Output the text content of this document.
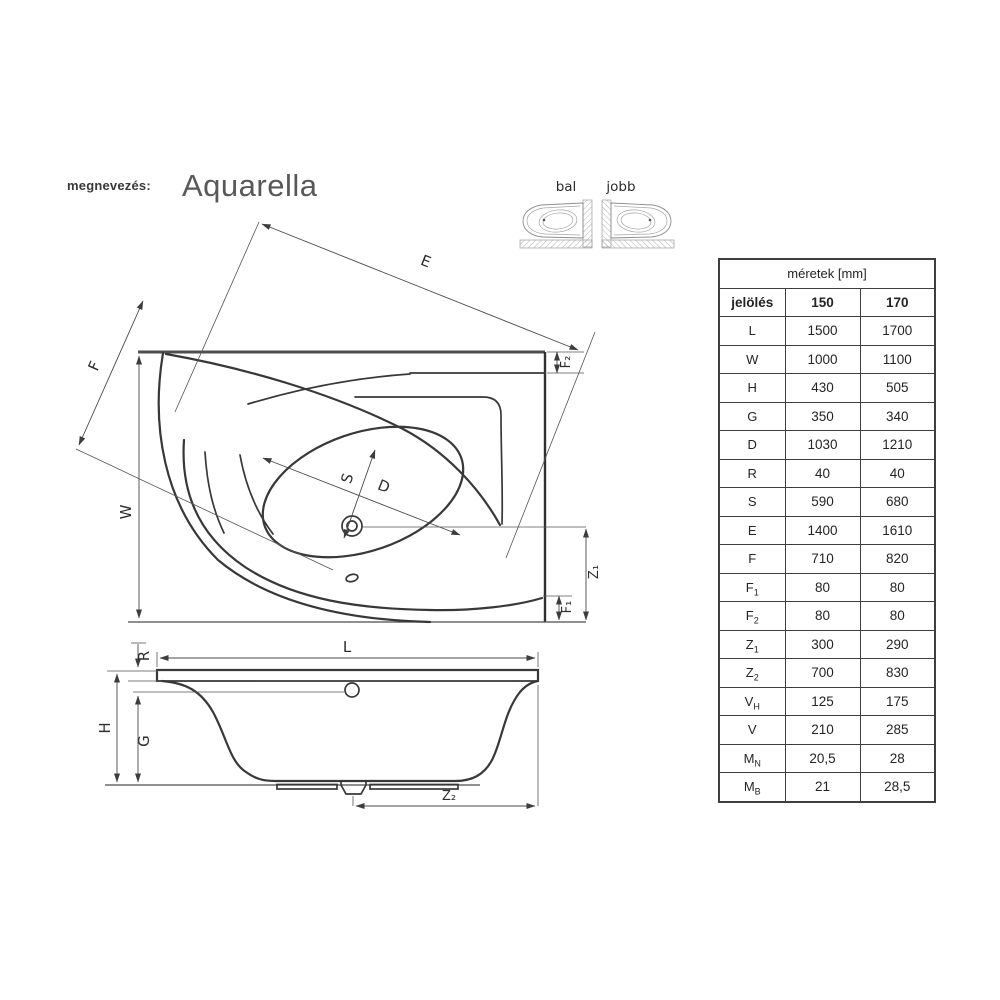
megnevezés: Aquarella
E
F
W
S D
F₂
Z₁
F₁
L
R
H
G
Z₂
bal jobb
méretek [mm]		
jelölés	150	170
L	1500	1700
W	1000	1100
H	430	505
G	350	340
D	1030	1210
R	40	40
S	590	680
E	1400	1610
F	710	820
$F_1$	80	80
$F_2$	80	80
$Z_1$	300	290
$Z_2$	700	830
$V_H$	125	175
V	210	285
$M_N$	20,5	28
$M_B$	21	28,5
